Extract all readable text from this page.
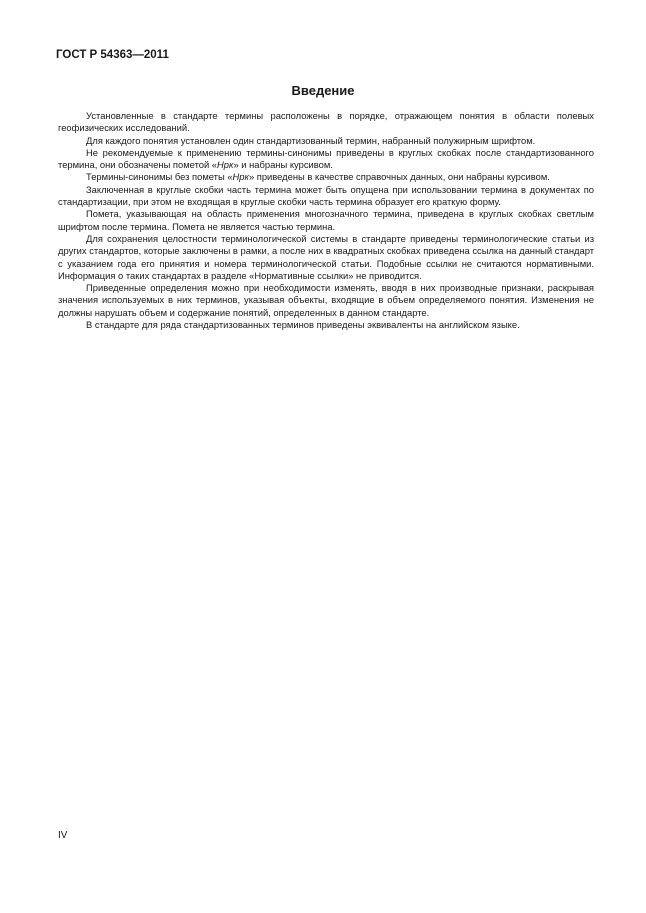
ГОСТ Р 54363—2011
Введение

Установленные в стандарте термины расположены в порядке, отражающем понятия в области полевых геофизических исследований.

Для каждого понятия установлен один стандартизованный термин, набранный полужирным шрифтом.

Не рекомендуемые к применению термины-синонимы приведены в круглых скобках после стандартизованного термина, они обозначены пометой «Нрк» и набраны курсивом.

Термины-синонимы без пометы «Нрк» приведены в качестве справочных данных, они набраны курсивом.

Заключенная в круглые скобки часть термина может быть опущена при использовании термина в документах по стандартизации, при этом не входящая в круглые скобки часть термина образует его краткую форму.

Помета, указывающая на область применения многозначного термина, приведена в круглых скобках светлым шрифтом после термина. Помета не является частью термина.

Для сохранения целостности терминологической системы в стандарте приведены терминологические статьи из других стандартов, которые заключены в рамки, а после них в квадратных скобках приведена ссылка на данный стандарт с указанием года его принятия и номера терминологической статьи. Подобные ссылки не считаются нормативными. Информация о таких стандартах в разделе «Нормативные ссылки» не приводится.

Приведенные определения можно при необходимости изменять, вводя в них производные признаки, раскрывая значения используемых в них терминов, указывая объекты, входящие в объем определяемого понятия. Изменения не должны нарушать объем и содержание понятий, определенных в данном стандарте.

В стандарте для ряда стандартизованных терминов приведены эквиваленты на английском языке.

IV
